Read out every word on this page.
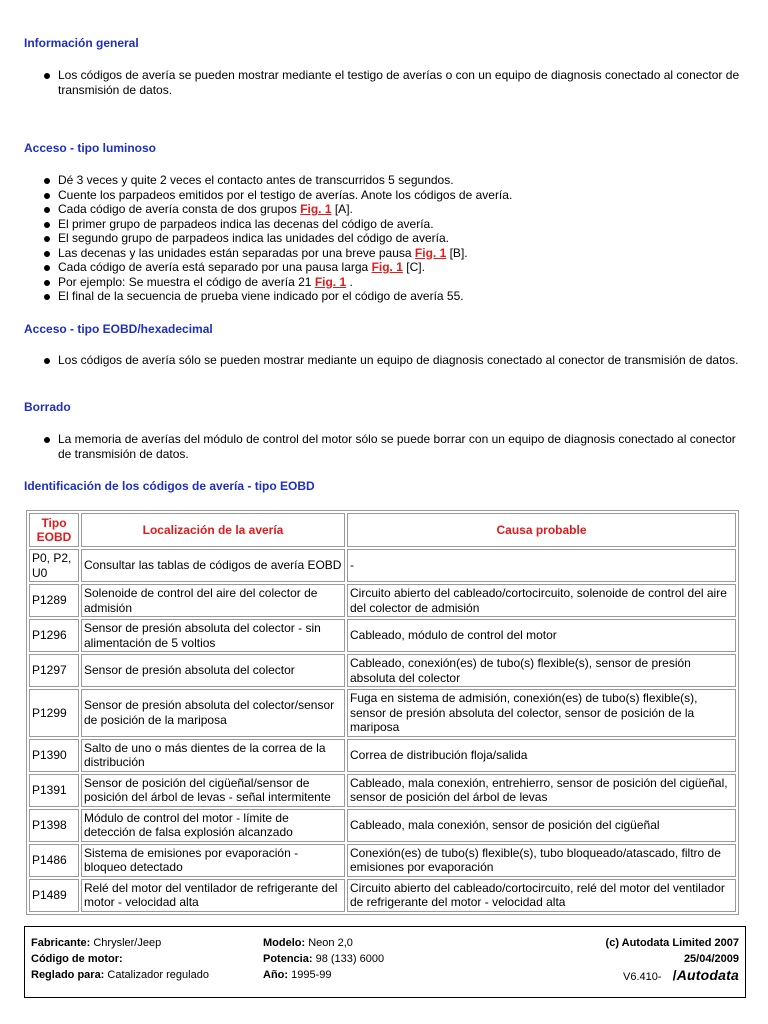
Información general
Los códigos de avería se pueden mostrar mediante el testigo de averías o con un equipo de diagnosis conectado al conector de transmisión de datos.
Acceso - tipo luminoso
Dé 3 veces y quite 2 veces el contacto antes de transcurridos 5 segundos.
Cuente los parpadeos emitidos por el testigo de averías. Anote los códigos de avería.
Cada código de avería consta de dos grupos Fig. 1 [A].
El primer grupo de parpadeos indica las decenas del código de avería.
El segundo grupo de parpadeos indica las unidades del código de avería.
Las decenas y las unidades están separadas por una breve pausa Fig. 1 [B].
Cada código de avería está separado por una pausa larga Fig. 1 [C].
Por ejemplo: Se muestra el código de avería 21 Fig. 1 .
El final de la secuencia de prueba viene indicado por el código de avería 55.
Acceso - tipo EOBD/hexadecimal
Los códigos de avería sólo se pueden mostrar mediante un equipo de diagnosis conectado al conector de transmisión de datos.
Borrado
La memoria de averías del módulo de control del motor sólo se puede borrar con un equipo de diagnosis conectado al conector de transmisión de datos.
Identificación de los códigos de avería - tipo EOBD
Tipo EOBD	Localización de la avería	Causa probable
P0, P2, U0	Consultar las tablas de códigos de avería EOBD	-
P1289	Solenoide de control del aire del colector de admisión	Circuito abierto del cableado/cortocircuito, solenoide de control del aire del colector de admisión
P1296	Sensor de presión absoluta del colector - sin alimentación de 5 voltios	Cableado, módulo de control del motor
P1297	Sensor de presión absoluta del colector	Cableado, conexión(es) de tubo(s) flexible(s), sensor de presión absoluta del colector
P1299	Sensor de presión absoluta del colector/sensor de posición de la mariposa	Fuga en sistema de admisión, conexión(es) de tubo(s) flexible(s), sensor de presión absoluta del colector, sensor de posición de la mariposa
P1390	Salto de uno o más dientes de la correa de la distribución	Correa de distribución floja/salida
P1391	Sensor de posición del cigüeñal/sensor de posición del árbol de levas - señal intermitente	Cableado, mala conexión, entrehierro, sensor de posición del cigüeñal, sensor de posición del árbol de levas
P1398	Módulo de control del motor - límite de detección de falsa explosión alcanzado	Cableado, mala conexión, sensor de posición del cigüeñal
P1486	Sistema de emisiones por evaporación - bloqueo detectado	Conexión(es) de tubo(s) flexible(s), tubo bloqueado/atascado, filtro de emisiones por evaporación
P1489	Relé del motor del ventilador de refrigerante del motor - velocidad alta	Circuito abierto del cableado/cortocircuito, relé del motor del ventilador de refrigerante del motor - velocidad alta
Fabricante: Chrysler/Jeep
Código de motor:
Reglado para: Catalizador regulado
Modelo: Neon 2,0
Potencia: 98 (133) 6000
Año: 1995-99
(c) Autodata Limited 2007
25/04/2009
V6.410- /Autodata
